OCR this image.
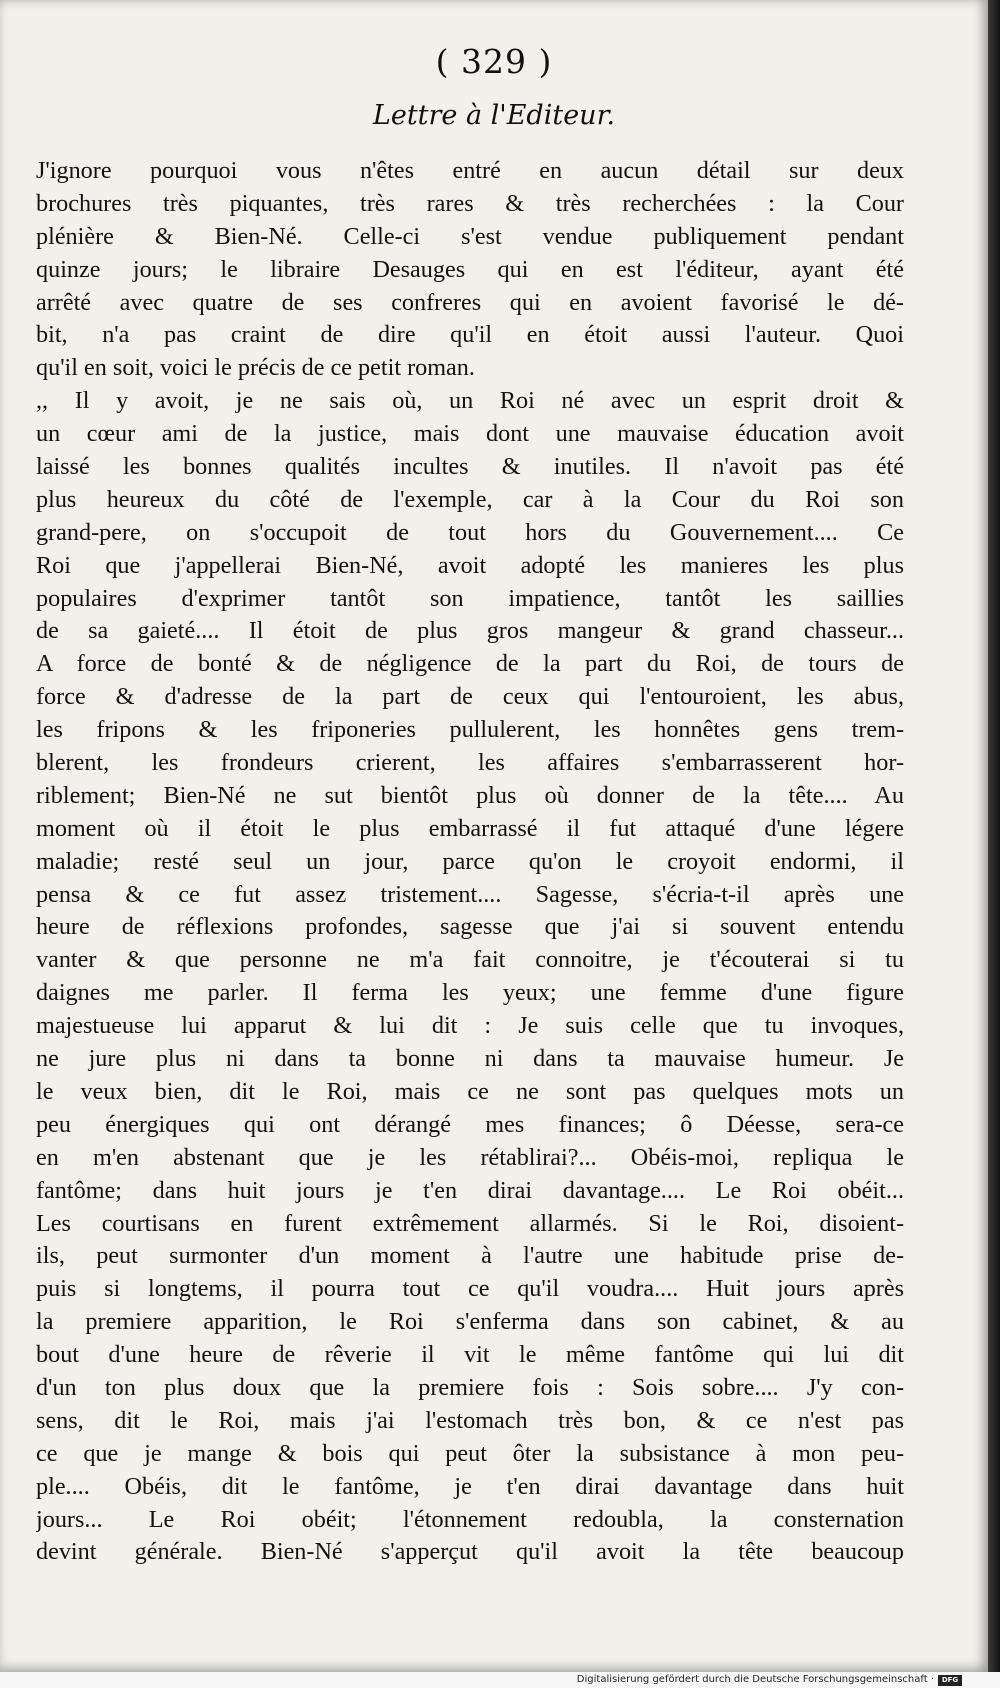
( 329 )
Lettre à l'Editeur.
J'ignore pourquoi vous n'êtes entré en aucun détail sur deux
brochures très piquantes, très rares & très recherchées : la Cour
plénière & Bien-Né. Celle-ci s'est vendue publiquement pendant
quinze jours; le libraire Desauges qui en est l'éditeur, ayant été
arrêté avec quatre de ses confreres qui en avoient favorisé le dé-
bit, n'a pas craint de dire qu'il en étoit aussi l'auteur. Quoi
qu'il en soit, voici le précis de ce petit roman.
,, Il y avoit, je ne sais où, un Roi né avec un esprit droit &
un cœur ami de la justice, mais dont une mauvaise éducation avoit
laissé les bonnes qualités incultes & inutiles. Il n'avoit pas été
plus heureux du côté de l'exemple, car à la Cour du Roi son
grand-pere, on s'occupoit de tout hors du Gouvernement.... Ce
Roi que j'appellerai Bien-Né, avoit adopté les manieres les plus
populaires d'exprimer tantôt son impatience, tantôt les saillies
de sa gaieté.... Il étoit de plus gros mangeur & grand chasseur...
A force de bonté & de négligence de la part du Roi, de tours de
force & d'adresse de la part de ceux qui l'entouroient, les abus,
les fripons & les friponeries pullulerent, les honnêtes gens trem-
blerent, les frondeurs crierent, les affaires s'embarrasserent hor-
riblement; Bien-Né ne sut bientôt plus où donner de la tête.... Au
moment où il étoit le plus embarrassé il fut attaqué d'une légere
maladie; resté seul un jour, parce qu'on le croyoit endormi, il
pensa & ce fut assez tristement.... Sagesse, s'écria-t-il après une
heure de réflexions profondes, sagesse que j'ai si souvent entendu
vanter & que personne ne m'a fait connoitre, je t'écouterai si tu
daignes me parler. Il ferma les yeux; une femme d'une figure
majestueuse lui apparut & lui dit : Je suis celle que tu invoques,
ne jure plus ni dans ta bonne ni dans ta mauvaise humeur. Je
le veux bien, dit le Roi, mais ce ne sont pas quelques mots un
peu énergiques qui ont dérangé mes finances; ô Déesse, sera-ce
en m'en abstenant que je les rétablirai?... Obéis-moi, repliqua le
fantôme; dans huit jours je t'en dirai davantage.... Le Roi obéit...
Les courtisans en furent extrêmement allarmés. Si le Roi, disoient-
ils, peut surmonter d'un moment à l'autre une habitude prise de-
puis si longtems, il pourra tout ce qu'il voudra.... Huit jours après
la premiere apparition, le Roi s'enferma dans son cabinet, & au
bout d'une heure de rêverie il vit le même fantôme qui lui dit
d'un ton plus doux que la premiere fois : Sois sobre.... J'y con-
sens, dit le Roi, mais j'ai l'estomach très bon, & ce n'est pas
ce que je mange & bois qui peut ôter la subsistance à mon peu-
ple.... Obéis, dit le fantôme, je t'en dirai davantage dans huit
jours... Le Roi obéit; l'étonnement redoubla, la consternation
devint générale. Bien-Né s'apperçut qu'il avoit la tête beaucoup
Digitalisierung gefördert durch die Deutsche Forschungsgemeinschaft ·	DFG
